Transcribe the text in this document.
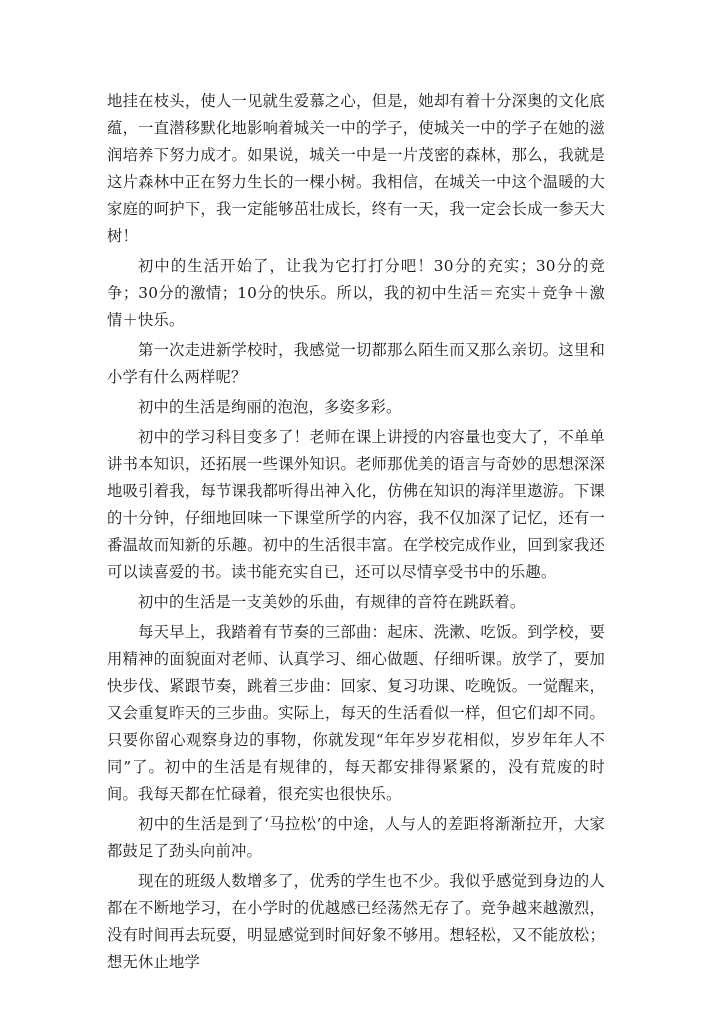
地挂在枝头，使人一见就生爱慕之心，但是，她却有着十分深奥的文化底蕴，一直潜移默化地影响着城关一中的学子，使城关一中的学子在她的滋润培养下努力成才。如果说，城关一中是一片茂密的森林，那么，我就是这片森林中正在努力生长的一棵小树。我相信，在城关一中这个温暖的大家庭的呵护下，我一定能够茁壮成长，终有一天，我一定会长成一参天大树！

初中的生活开始了，让我为它打打分吧！30分的充实；30分的竞争；30分的激情；10分的快乐。所以，我的初中生活＝充实＋竞争＋激情＋快乐。

第一次走进新学校时，我感觉一切都那么陌生而又那么亲切。这里和小学有什么两样呢？

初中的生活是绚丽的泡泡，多姿多彩。

初中的学习科目变多了！老师在课上讲授的内容量也变大了，不单单讲书本知识，还拓展一些课外知识。老师那优美的语言与奇妙的思想深深地吸引着我，每节课我都听得出神入化，仿佛在知识的海洋里遨游。下课的十分钟，仔细地回味一下课堂所学的内容，我不仅加深了记忆，还有一番温故而知新的乐趣。初中的生活很丰富。在学校完成作业，回到家我还可以读喜爱的书。读书能充实自已，还可以尽情享受书中的乐趣。

初中的生活是一支美妙的乐曲，有规律的音符在跳跃着。

每天早上，我踏着有节奏的三部曲：起床、洗漱、吃饭。到学校，要用精神的面貌面对老师、认真学习、细心做题、仔细听课。放学了，要加快步伐、紧跟节奏，跳着三步曲：回家、复习功课、吃晚饭。一觉醒来，又会重复昨天的三步曲。实际上，每天的生活看似一样，但它们却不同。只要你留心观察身边的事物，你就发现“年年岁岁花相似，岁岁年年人不同”了。初中的生活是有规律的，每天都安排得紧紧的，没有荒废的时间。我每天都在忙碌着，很充实也很快乐。

初中的生活是到了‘马拉松’的中途，人与人的差距将渐渐拉开，大家都鼓足了劲头向前冲。

现在的班级人数增多了，优秀的学生也不少。我似乎感觉到身边的人都在不断地学习，在小学时的优越感已经荡然无存了。竞争越来越激烈，没有时间再去玩耍，明显感觉到时间好象不够用。想轻松，又不能放松；想无休止地学
